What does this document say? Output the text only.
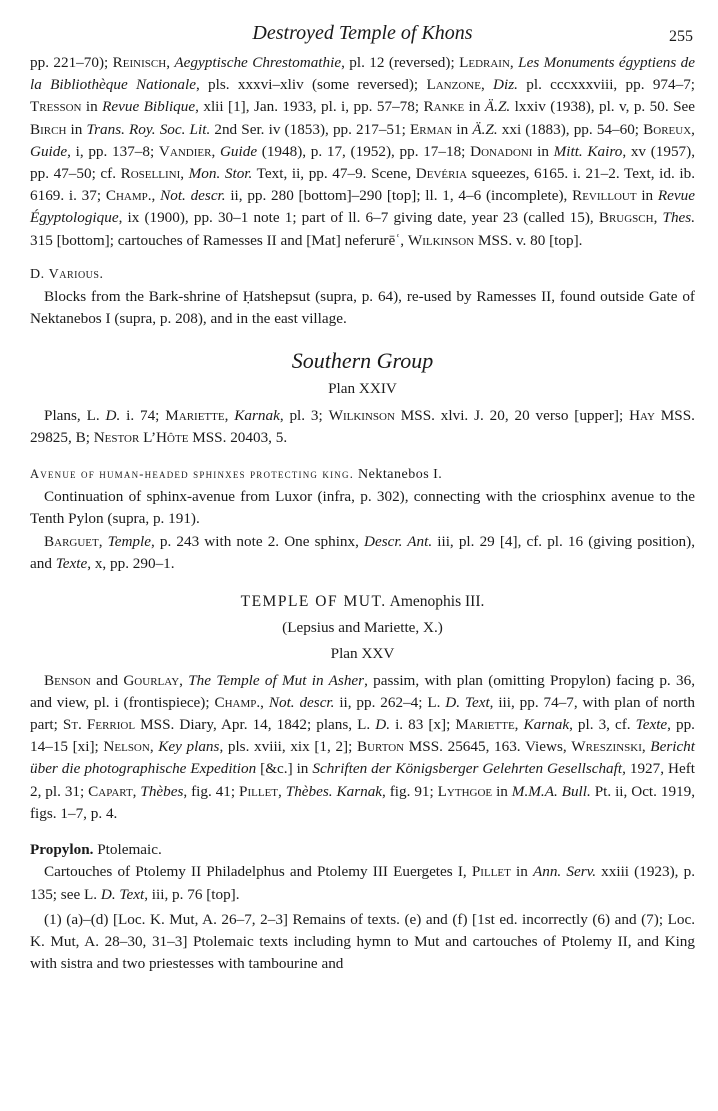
Destroyed Temple of Khons	255

pp. 221–70); Reinisch, Aegyptische Chrestomathie, pl. 12 (reversed); Ledrain, Les Monuments égyptiens de la Bibliothèque Nationale, pls. xxxvi–xliv (some reversed); Lanzone, Diz. pl. cccxxxviii, pp. 974–7; Tresson in Revue Biblique, xlii [1], Jan. 1933, pl. i, pp. 57–78; Ranke in Ä.Z. lxxiv (1938), pl. v, p. 50. See Birch in Trans. Roy. Soc. Lit. 2nd Ser. iv (1853), pp. 217–51; Erman in Ä.Z. xxi (1883), pp. 54–60; Boreux, Guide, i, pp. 137–8; Vandier, Guide (1948), p. 17, (1952), pp. 17–18; Donadoni in Mitt. Kairo, xv (1957), pp. 47–50; cf. Rosellini, Mon. Stor. Text, ii, pp. 47–9. Scene, Devéria squeezes, 6165. i. 21–2. Text, id. ib. 6169. i. 37; Champ., Not. descr. ii, pp. 280 [bottom]–290 [top]; ll. 1, 4–6 (incomplete), Revillout in Revue Égyptologique, ix (1900), pp. 30–1 note 1; part of ll. 6–7 giving date, year 23 (called 15), Brugsch, Thes. 315 [bottom]; cartouches of Ramesses II and [Mat] neferurēʿ, Wilkinson MSS. v. 80 [top].

D. Various.

Blocks from the Bark-shrine of Ḥatshepsut (supra, p. 64), re-used by Ramesses II, found outside Gate of Nektanebos I (supra, p. 208), and in the east village.

Southern Group
Plan XXIV

Plans, L. D. i. 74; Mariette, Karnak, pl. 3; Wilkinson MSS. xlvi. J. 20, 20 verso [upper]; Hay MSS. 29825, B; Nestor L’Hôte MSS. 20403, 5.

Avenue of human-headed sphinxes protecting king. Nektanebos I.

Continuation of sphinx-avenue from Luxor (infra, p. 302), connecting with the criosphinx avenue to the Tenth Pylon (supra, p. 191).

Barguet, Temple, p. 243 with note 2. One sphinx, Descr. Ant. iii, pl. 29 [4], cf. pl. 16 (giving position), and Texte, x, pp. 290–1.

TEMPLE OF MUT. Amenophis III.
(Lepsius and Mariette, X.)
Plan XXV

Benson and Gourlay, The Temple of Mut in Asher, passim, with plan (omitting Propylon) facing p. 36, and view, pl. i (frontispiece); Champ., Not. descr. ii, pp. 262–4; L. D. Text, iii, pp. 74–7, with plan of north part; St. Ferriol MSS. Diary, Apr. 14, 1842; plans, L. D. i. 83 [x]; Mariette, Karnak, pl. 3, cf. Texte, pp. 14–15 [xi]; Nelson, Key plans, pls. xviii, xix [1, 2]; Burton MSS. 25645, 163. Views, Wreszinski, Bericht über die photographische Expedition [&c.] in Schriften der Königsberger Gelehrten Gesellschaft, 1927, Heft 2, pl. 31; Capart, Thèbes, fig. 41; Pillet, Thèbes. Karnak, fig. 91; Lythgoe in M.M.A. Bull. Pt. ii, Oct. 1919, figs. 1–7, p. 4.

Propylon. Ptolemaic.

Cartouches of Ptolemy II Philadelphus and Ptolemy III Euergetes I, Pillet in Ann. Serv. xxiii (1923), p. 135; see L. D. Text, iii, p. 76 [top].

(1) (a)–(d) [Loc. K. Mut, A. 26–7, 2–3] Remains of texts. (e) and (f) [1st ed. incorrectly (6) and (7); Loc. K. Mut, A. 28–30, 31–3] Ptolemaic texts including hymn to Mut and cartouches of Ptolemy II, and King with sistra and two priestesses with tambourine and
